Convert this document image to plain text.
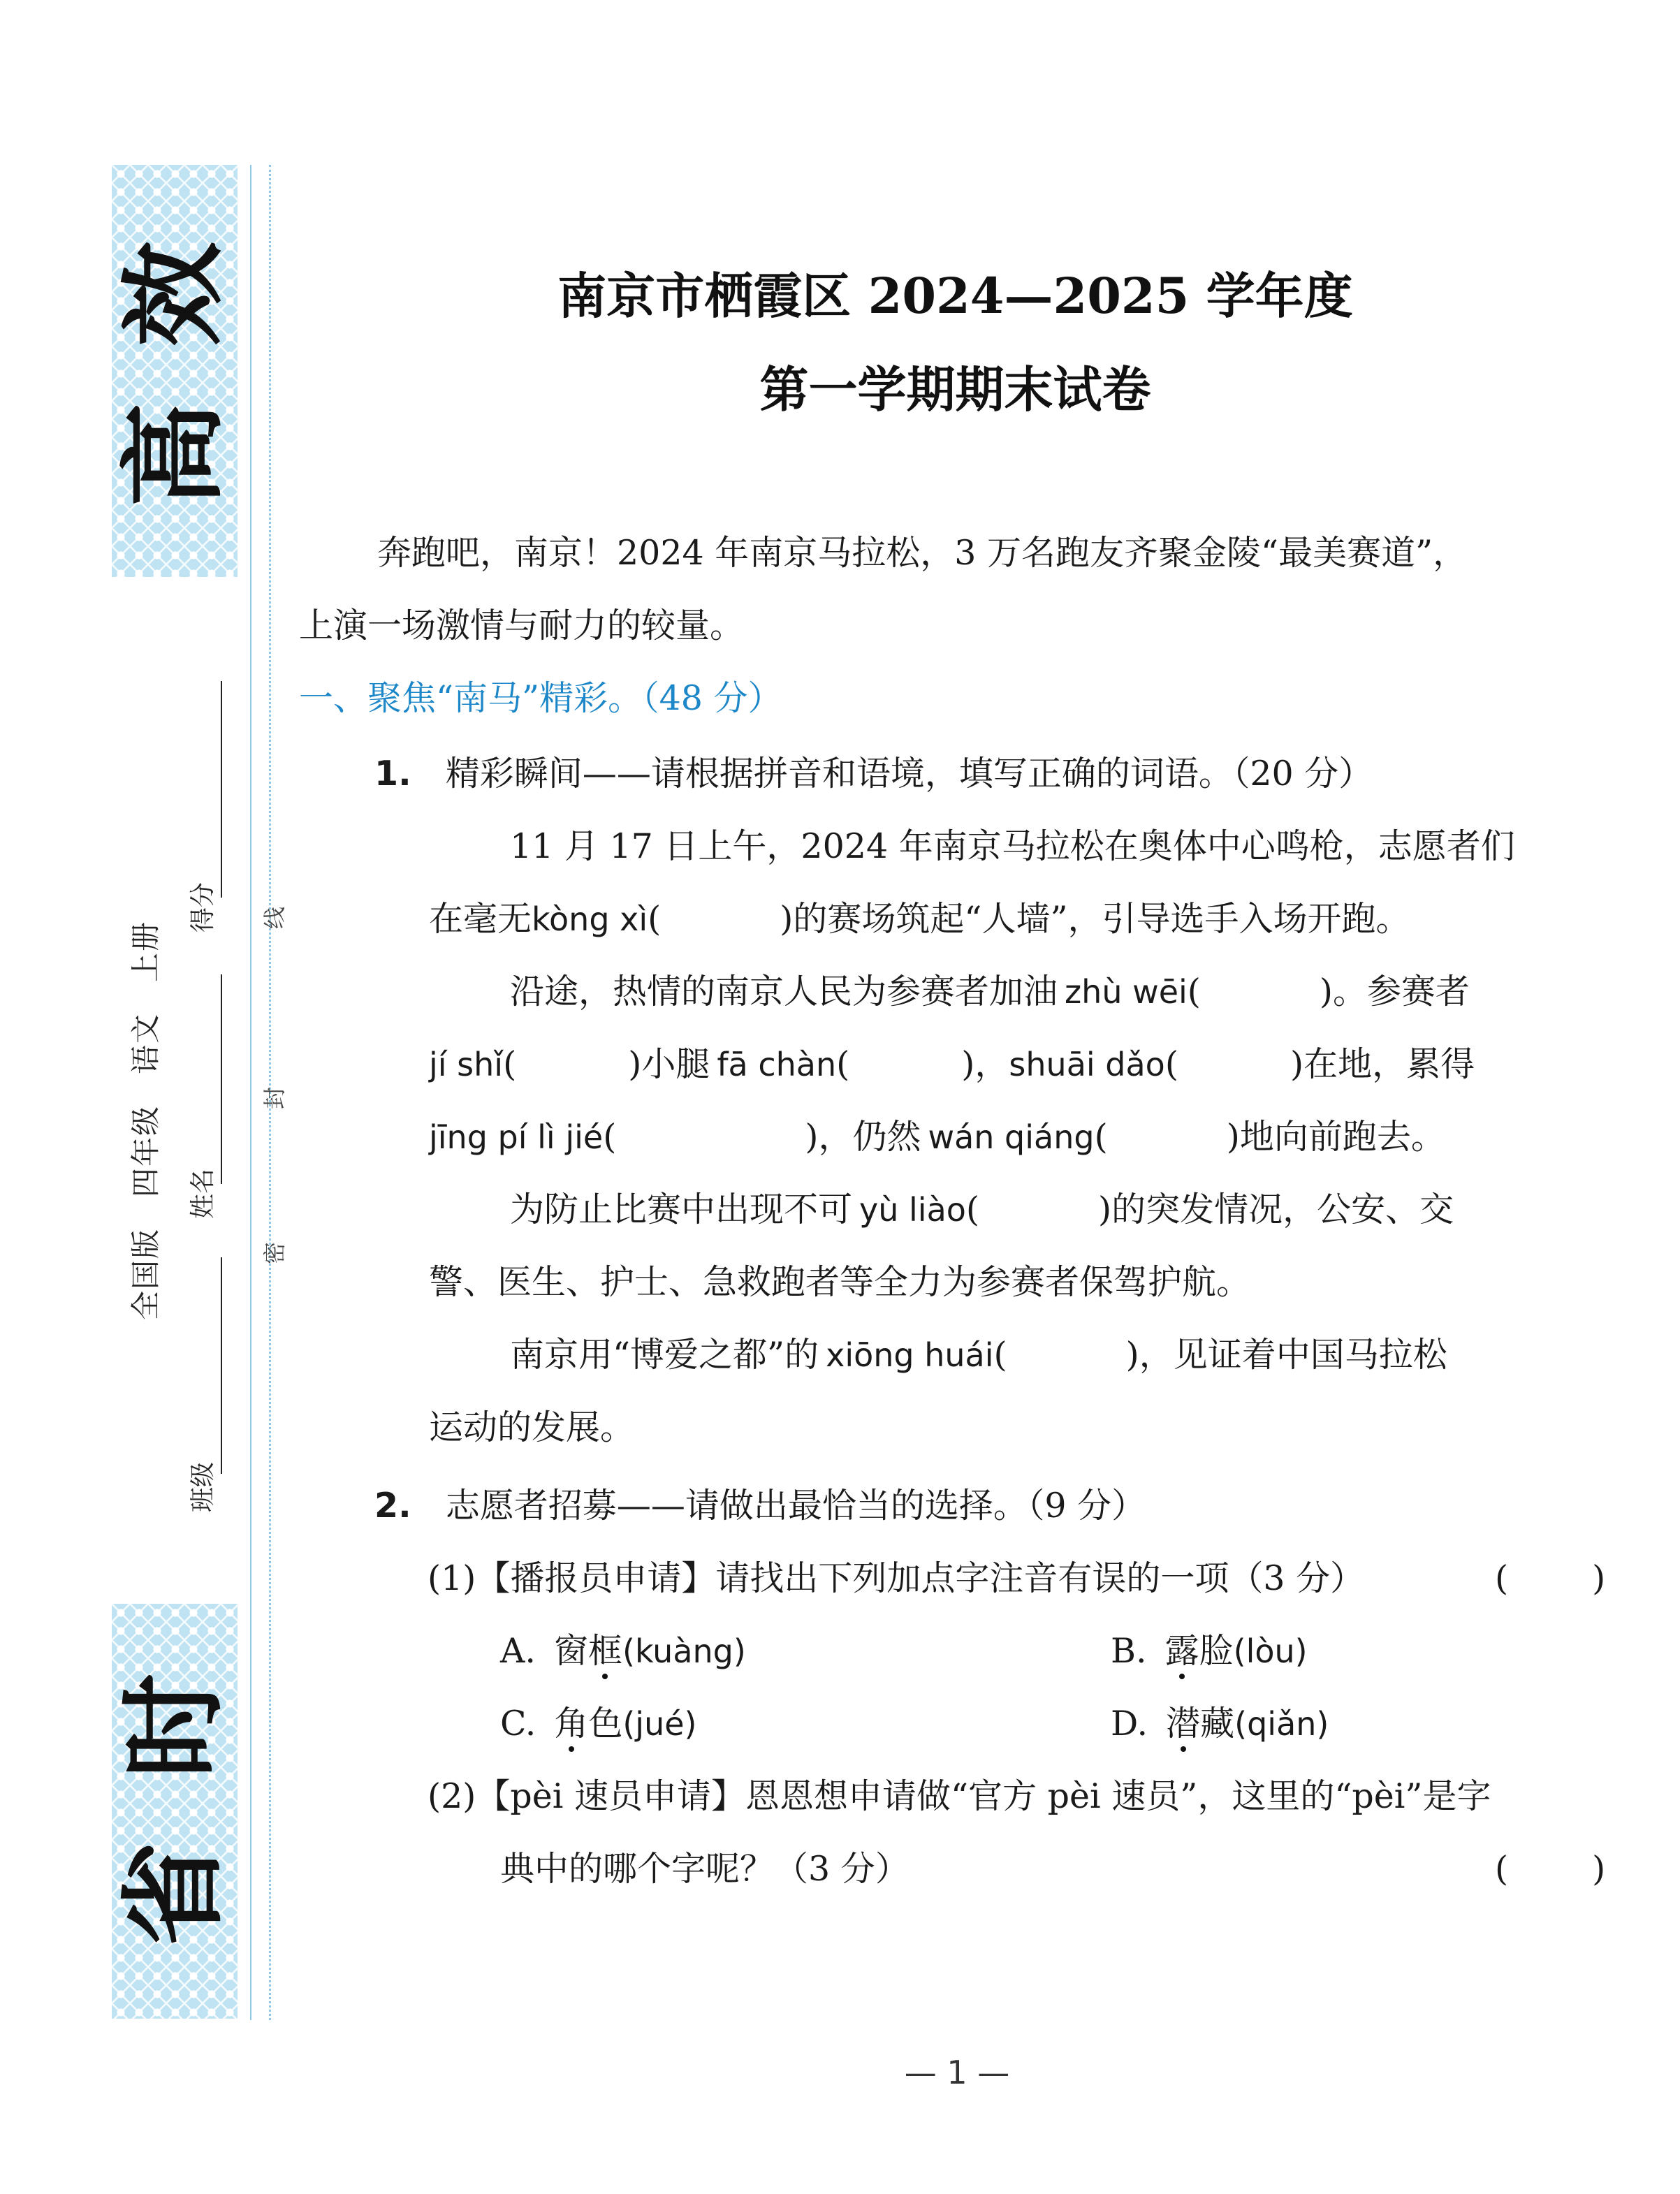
效
高
时
省
全国版　四年级　语文　上册
得分
姓名
班级
线
封
密
南京市栖霞区 2024—2025 学年度
第一学期期末试卷
奔跑吧，南京！2024 年南京马拉松，3 万名跑友齐聚金陵“最美赛道”，
上演一场激情与耐力的较量。
一、聚焦“南马”精彩。（48 分）
1. 精彩瞬间——请根据拼音和语境，填写正确的词语。（20 分）
11 月 17 日上午，2024 年南京马拉松在奥体中心鸣枪，志愿者们
在毫无kòng xì(	)的赛场筑起“人墙”，引导选手入场开跑。
沿途，热情的南京人民为参赛者加油 zhù wēi(	)。参赛者
jí shǐ(	)小腿 fā chàn(	)，shuāi dǎo(	)在地，累得
jīng pí lì jié(	)，仍然 wán qiáng(	)地向前跑去。
为防止比赛中出现不可 yù liào(	)的突发情况，公安、交
警、医生、护士、急救跑者等全力为参赛者保驾护航。
南京用“博爱之都”的 xiōng huái(	)，见证着中国马拉松
运动的发展。
2. 志愿者招募——请做出最恰当的选择。（9 分）
(1)【播报员申请】请找出下列加点字注音有误的一项（3 分）	( )
A. 窗框(kuàng)	B. 露脸(lòu)
C. 角色(jué)	D. 潜藏(qiǎn)
(2)【pèi 速员申请】恩恩想申请做“官方 pèi 速员”，这里的“pèi”是字
典中的哪个字呢？（3 分）	( )
— 1 —
